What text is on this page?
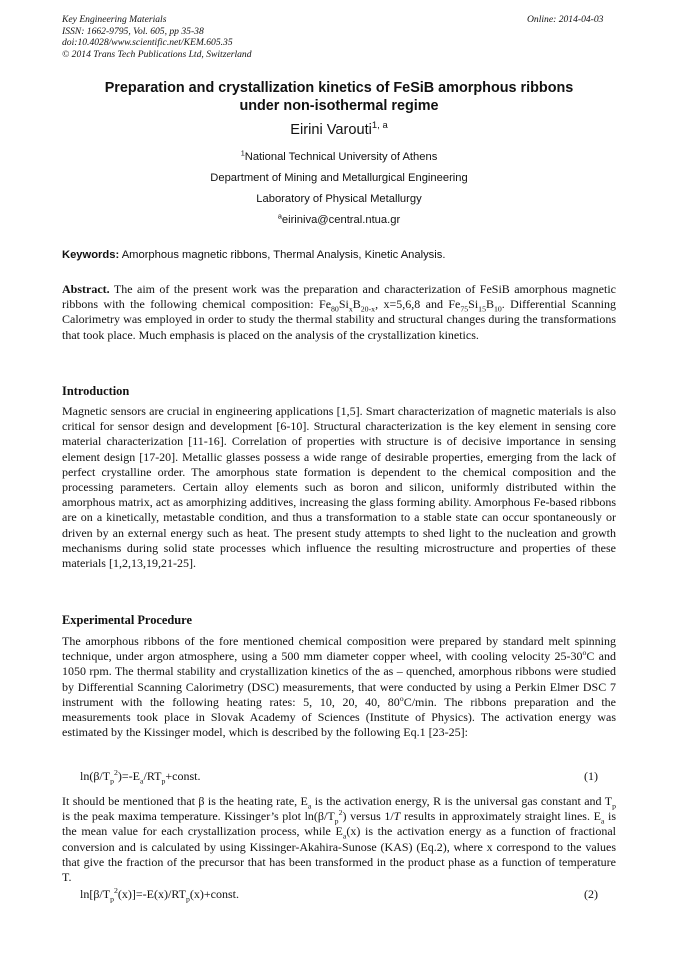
Key Engineering Materials
ISSN: 1662-9795, Vol. 605, pp 35-38
doi:10.4028/www.scientific.net/KEM.605.35
© 2014 Trans Tech Publications Ltd, Switzerland
Online: 2014-04-03
Preparation and crystallization kinetics of FeSiB amorphous ribbons
under non-isothermal regime
Eirini Varouti$^{1, a}$
$^1$National Technical University of Athens
Department of Mining and Metallurgical Engineering
Laboratory of Physical Metallurgy
$^a$eiriniva@central.ntua.gr
Keywords: Amorphous magnetic ribbons, Thermal Analysis, Kinetic Analysis.
Abstract. The aim of the present work was the preparation and characterization of FeSiB amorphous magnetic ribbons with the following chemical composition: $Fe_{80}Si_xB_{20-x}$, x=5,6,8 and $Fe_{75}Si_{15}B_{10}$. Differential Scanning Calorimetry was employed in order to study the thermal stability and structural changes during the transformations that took place. Much emphasis is placed on the analysis of the crystallization kinetics.
Introduction
Magnetic sensors are crucial in engineering applications [1,5]. Smart characterization of magnetic materials is also critical for sensor design and development [6-10]. Structural characterization is the key element in sensing core material characterization [11-16]. Correlation of properties with structure is of decisive importance in sensing element design [17-20]. Metallic glasses possess a wide range of desirable properties, emerging from the lack of perfect crystalline order. The amorphous state formation is dependent to the chemical composition and the processing parameters. Certain alloy elements such as boron and silicon, uniformly distributed within the amorphous matrix, act as amorphizing additives, increasing the glass forming ability. Amorphous Fe-based ribbons are on a kinetically, metastable condition, and thus a transformation to a stable state can occur spontaneously or driven by an external energy such as heat. The present study attempts to shed light to the nucleation and growth mechanisms during solid state processes which influence the resulting microstructure and properties of these materials [1,2,13,19,21-25].
Experimental Procedure
The amorphous ribbons of the fore mentioned chemical composition were prepared by standard melt spinning technique, under argon atmosphere, using a 500 mm diameter copper wheel, with cooling velocity 25-30$^o$C and 1050 rpm. The thermal stability and crystallization kinetics of the as – quenched, amorphous ribbons were studied by Differential Scanning Calorimetry (DSC) measurements, that were conducted by using a Perkin Elmer DSC 7 instrument with the following heating rates: 5, 10, 20, 40, 80$^o$C/min. The ribbons preparation and the measurements took place in Slovak Academy of Sciences (Institute of Physics). The activation energy was estimated by the Kissinger model, which is described by the following Eq.1 [23-25]:
$\ln(\beta/T_p^2)=-E_a/RT_p+const$.	(1)
It should be mentioned that β is the heating rate, $E_a$ is the activation energy, R is the universal gas constant and $T_p$ is the peak maxima temperature. Kissinger’s plot $\ln(\beta/T_p^2)$ versus 1/T results in approximately straight lines. $E_a$ is the mean value for each crystallization process, while $E_a(x)$ is the activation energy as a function of fractional conversion and is calculated by using Kissinger-Akahira-Sunose (KAS) (Eq.2), where x correspond to the values that give the fraction of the precursor that has been transformed in the product phase as a function of temperature T.
$\ln[\beta/T_p^2(x)]=-E(x)/RT_p(x)+const$.	(2)
